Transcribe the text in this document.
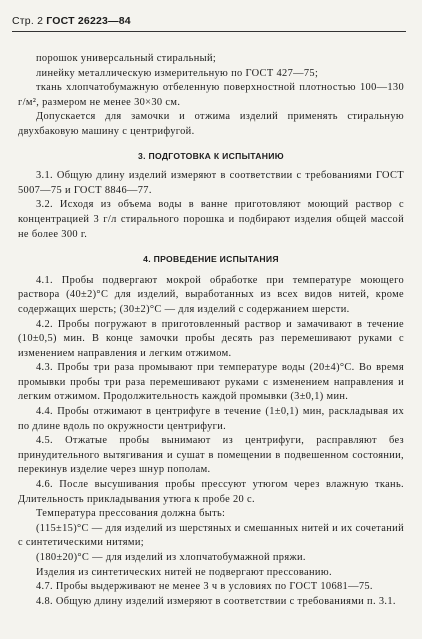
Стр. 2 ГОСТ 26223—84

порошок универсальный стиральный;

линейку металлическую измерительную по ГОСТ 427—75;

ткань хлопчатобумажную отбеленную поверхностной плотностью 100—130 г/м², размером не менее 30×30 см.

Допускается для замочки и отжима изделий применять стиральную двухбаковую машину с центрифугой.

3. ПОДГОТОВКА К ИСПЫТАНИЮ

3.1. Общую длину изделий измеряют в соответствии с требованиями ГОСТ 5007—75 и ГОСТ 8846—77.

3.2. Исходя из объема воды в ванне приготовляют моющий раствор с концентрацией 3 г/л стирального порошка и подбирают изделия общей массой не более 300 г.

4. ПРОВЕДЕНИЕ ИСПЫТАНИЯ

4.1. Пробы подвергают мокрой обработке при температуре моющего раствора (40±2)°С для изделий, выработанных из всех видов нитей, кроме содержащих шерсть; (30±2)°С — для изделий с содержанием шерсти.

4.2. Пробы погружают в приготовленный раствор и замачивают в течение (10±0,5) мин. В конце замочки пробы десять раз перемешивают руками с изменением направления и легким отжимом.

4.3. Пробы три раза промывают при температуре воды (20±4)°С. Во время промывки пробы три раза перемешивают руками с изменением направления и легким отжимом. Продолжительность каждой промывки (3±0,1) мин.

4.4. Пробы отжимают в центрифуге в течение (1±0,1) мин, раскладывая их по длине вдоль по окружности центрифуги.

4.5. Отжатые пробы вынимают из центрифуги, расправляют без принудительного вытягивания и сушат в помещении в подвешенном состоянии, перекинув изделие через шнур пополам.

4.6. После высушивания пробы прессуют утюгом через влажную ткань. Длительность прикладывания утюга к пробе 20 с.

Температура прессования должна быть:

(115±15)°С — для изделий из шерстяных и смешанных нитей и их сочетаний с синтетическими нитями;

(180±20)°С — для изделий из хлопчатобумажной пряжи.

Изделия из синтетических нитей не подвергают прессованию.

4.7. Пробы выдерживают не менее 3 ч в условиях по ГОСТ 10681—75.

4.8. Общую длину изделий измеряют в соответствии с требованиями п. 3.1.
